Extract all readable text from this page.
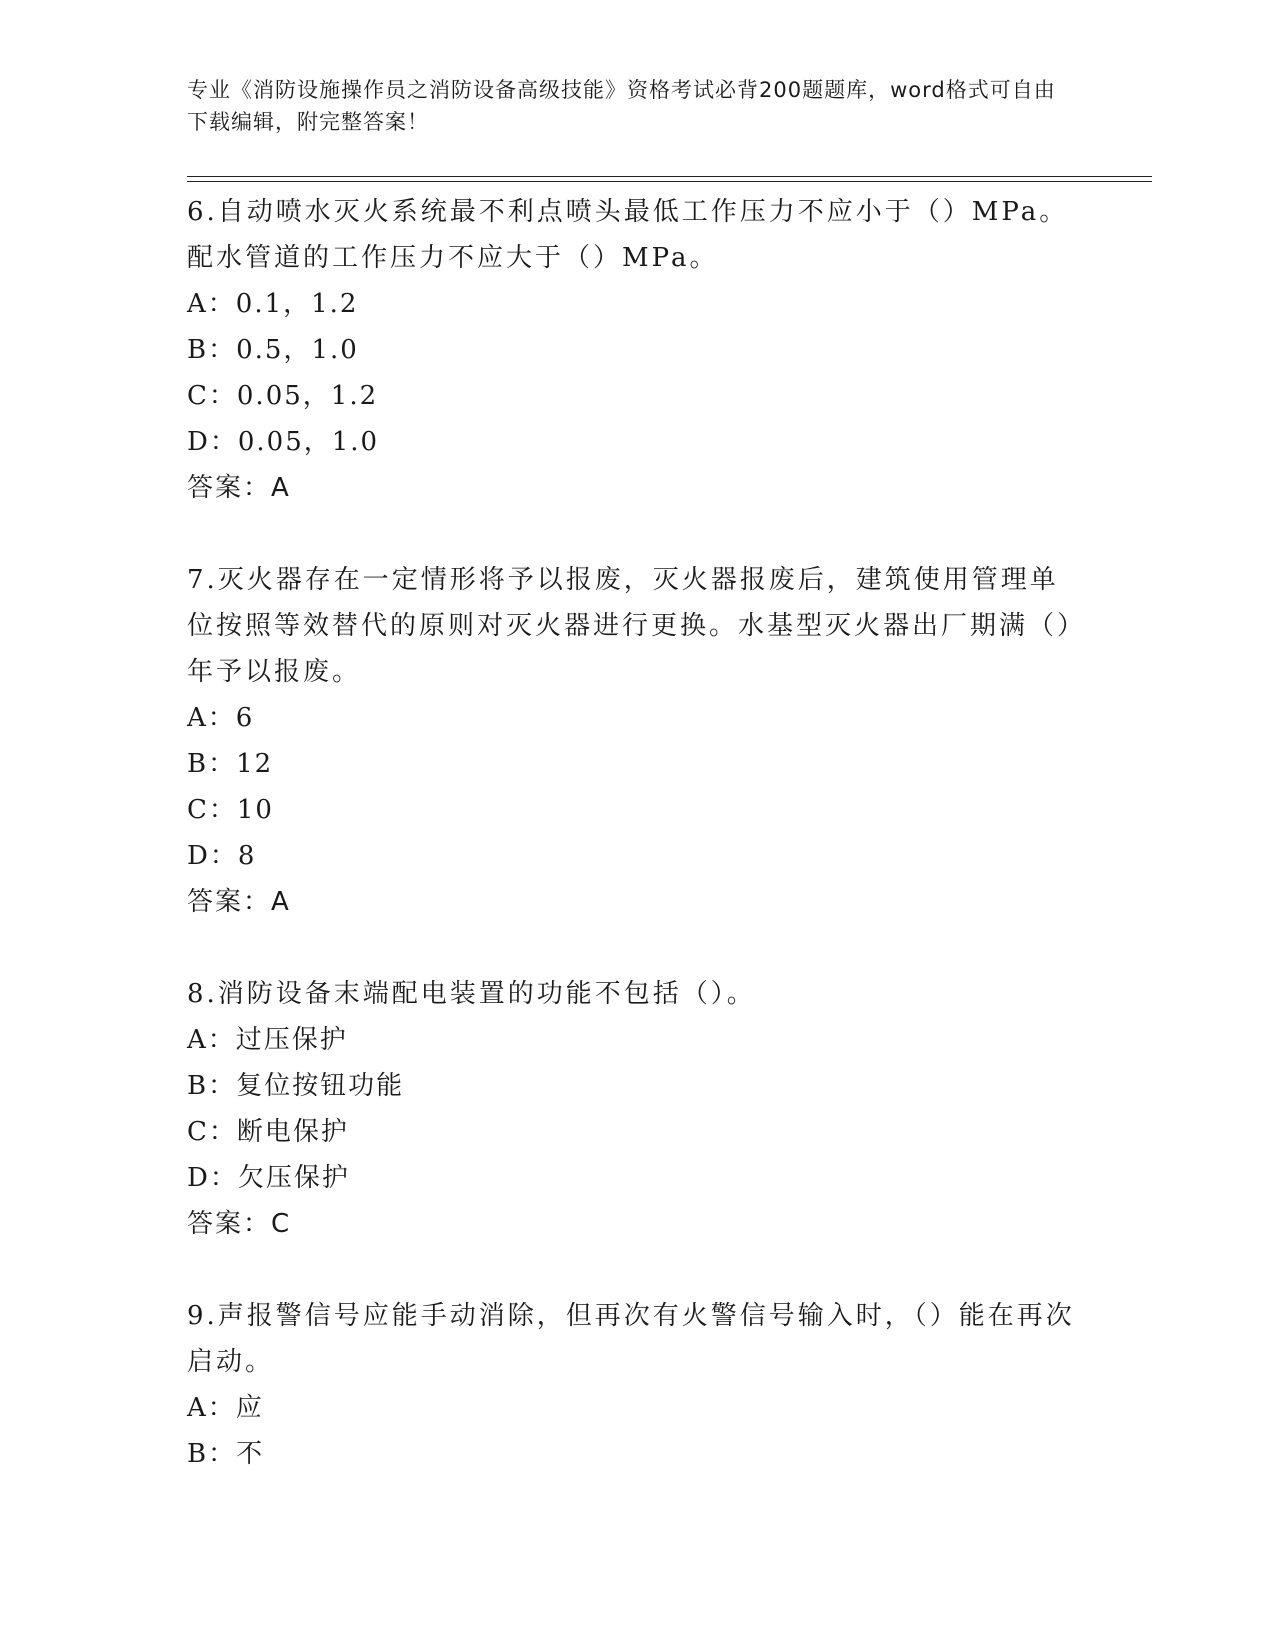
专业《消防设施操作员之消防设备高级技能》资格考试必背200题题库，word格式可自由下载编辑，附完整答案！

6.自动喷水灭火系统最不利点喷头最低工作压力不应小于（）MPa。配水管道的工作压力不应大于（）MPa。

A：0.1，1.2

B：0.5，1.0

C：0.05，1.2

D：0.05，1.0

答案：A

7.灭火器存在一定情形将予以报废，灭火器报废后，建筑使用管理单位按照等效替代的原则对灭火器进行更换。水基型灭火器出厂期满（）年予以报废。

A：6

B：12

C：10

D：8

答案：A

8.消防设备末端配电装置的功能不包括（）。

A：过压保护

B：复位按钮功能

C：断电保护

D：欠压保护

答案：C

9.声报警信号应能手动消除，但再次有火警信号输入时，（）能在再次启动。

A：应

B：不
